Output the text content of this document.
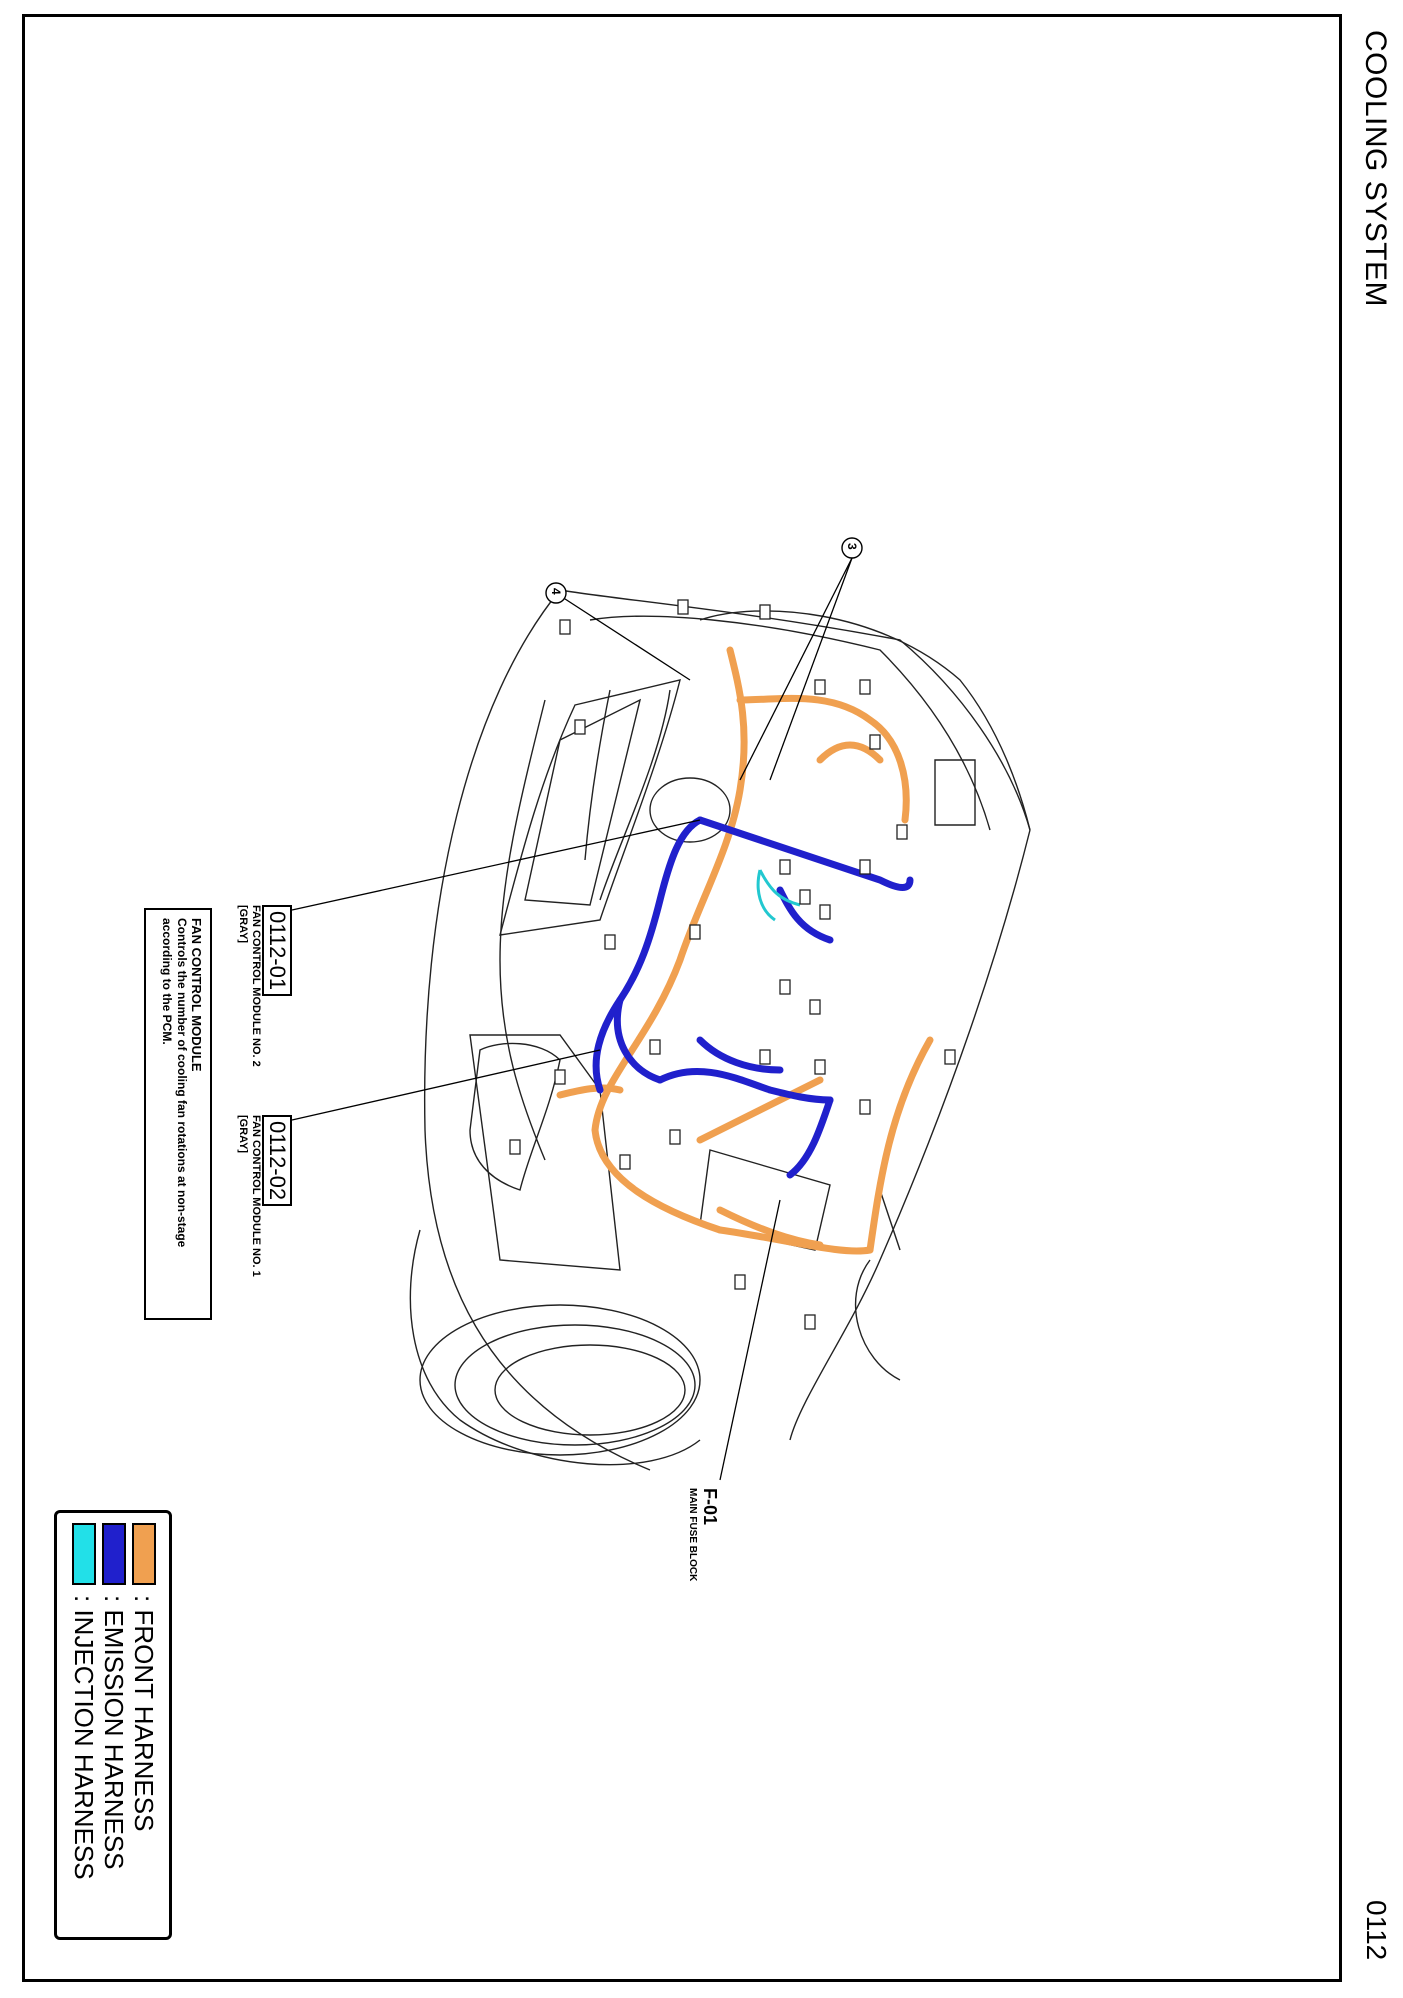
COOLING SYSTEM
0112
4
3
0112-01
FAN CONTROL MODULE NO. 2
[GRAY]
0112-02
FAN CONTROL MODULE NO. 1
[GRAY]
FAN CONTROL MODULE
Controls the number of cooling fan rotations at non-stage
according to the PCM.
F-01
MAIN FUSE BLOCK
: FRONT HARNESS
: EMISSION HARNESS
: INJECTION HARNESS
